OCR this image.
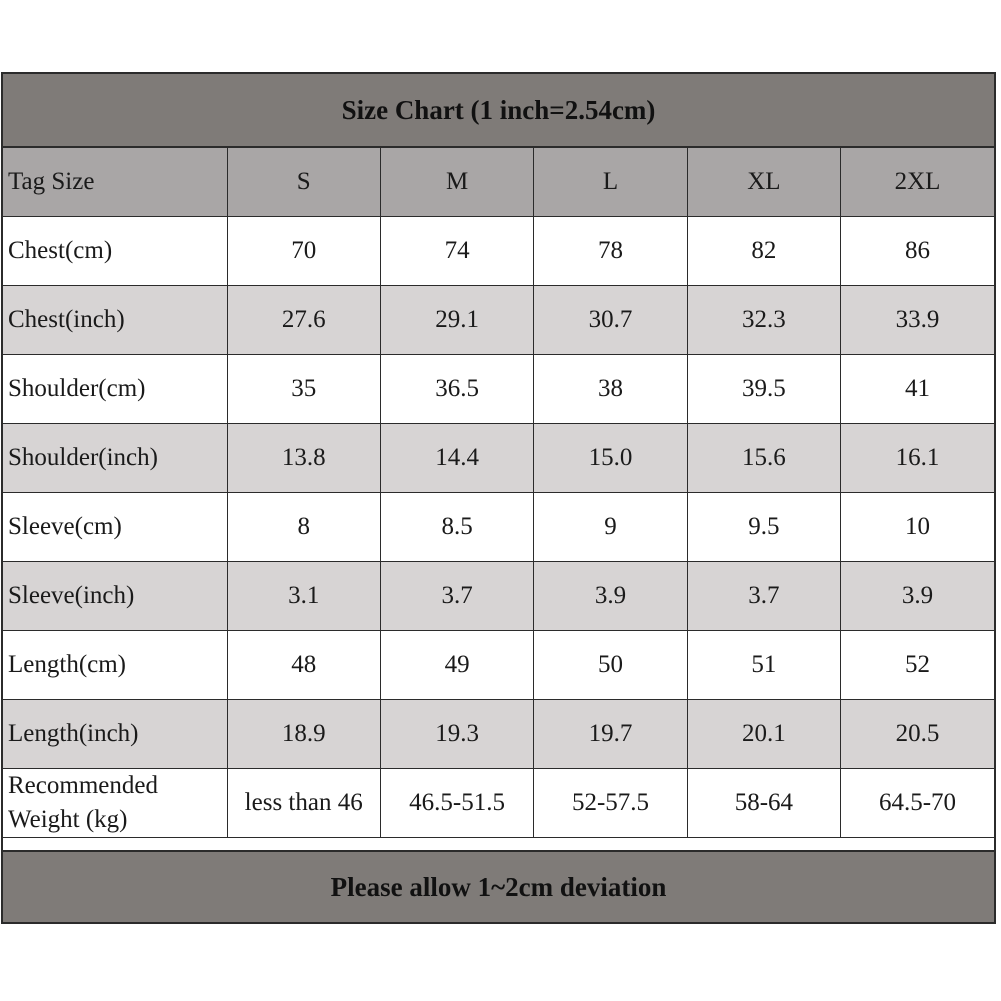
Size Chart (1 inch=2.54cm)
Tag Size	S	M	L	XL	2XL
Chest(cm)	70	74	78	82	86
Chest(inch)	27.6	29.1	30.7	32.3	33.9
Shoulder(cm)	35	36.5	38	39.5	41
Shoulder(inch)	13.8	14.4	15.0	15.6	16.1
Sleeve(cm)	8	8.5	9	9.5	10
Sleeve(inch)	3.1	3.7	3.9	3.7	3.9
Length(cm)	48	49	50	51	52
Length(inch)	18.9	19.3	19.7	20.1	20.5
Recommended Weight (kg)	less than 46	46.5-51.5	52-57.5	58-64	64.5-70
Please allow 1~2cm deviation
